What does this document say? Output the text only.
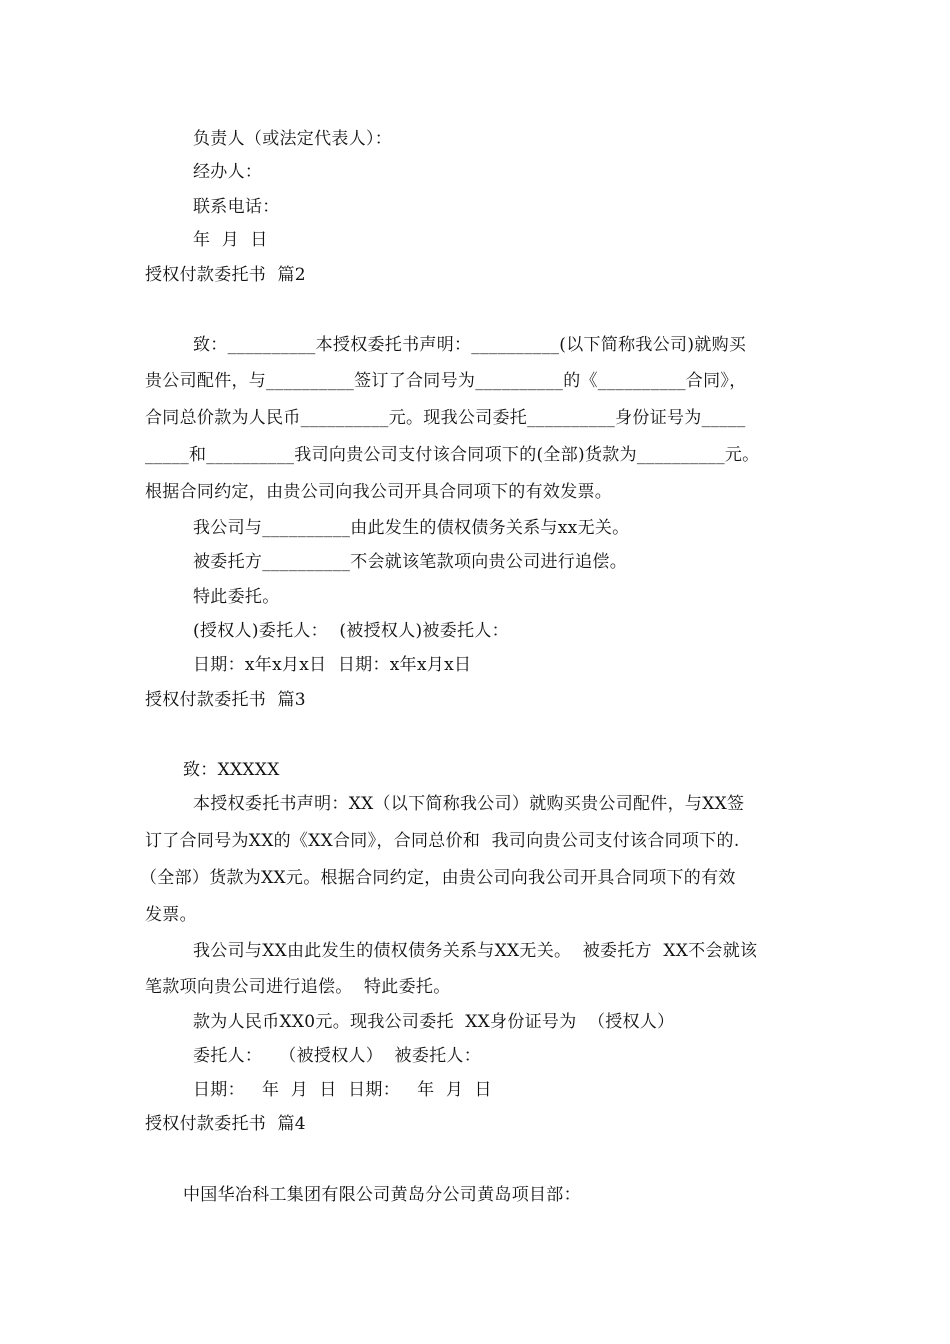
负责人（或法定代表人）：
经办人：
联系电话：
年  月  日
授权付款委托书  篇2
致：__________本授权委托书声明：__________(以下简称我公司)就购买
贵公司配件，与__________签订了合同号为__________的《__________合同》，
合同总价款为人民币__________元。现我公司委托__________身份证号为_____
_____和__________我司向贵公司支付该合同项下的(全部)货款为__________元。
根据合同约定，由贵公司向我公司开具合同项下的有效发票。
我公司与__________由此发生的债权债务关系与xx无关。
被委托方__________不会就该笔款项向贵公司进行追偿。
特此委托。
(授权人)委托人：  (被授权人)被委托人：
日期：x年x月x日  日期：x年x月x日
授权付款委托书  篇3
致：XXXXX
本授权委托书声明：XX（以下简称我公司）就购买贵公司配件，与XX签
订了合同号为XX的《XX合同》，合同总价和  我司向贵公司支付该合同项下的.
（全部）货款为XX元。根据合同约定，由贵公司向我公司开具合同项下的有效
发票。
我公司与XX由此发生的债权债务关系与XX无关。  被委托方  XX不会就该
笔款项向贵公司进行追偿。  特此委托。
款为人民币XX0元。现我公司委托  XX身份证号为  （授权人）
委托人：   （被授权人）  被委托人：
日期：   年  月  日  日期：   年  月  日
授权付款委托书  篇4
中国华冶科工集团有限公司黄岛分公司黄岛项目部：
